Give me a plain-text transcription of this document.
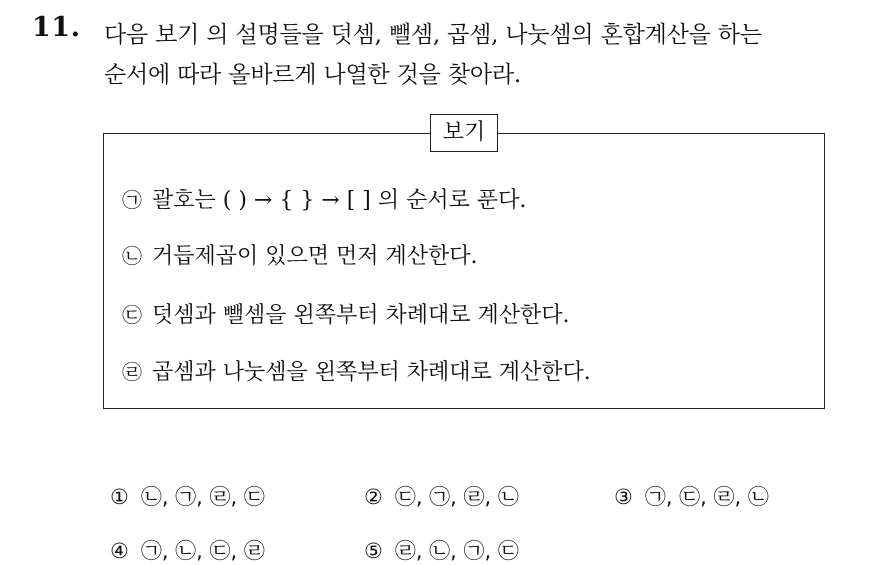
11. 다음 보기 의 설명들을 덧셈, 뺄셈, 곱셈, 나눗셈의 혼합계산을 하는
순서에 따라 올바르게 나열한 것을 찾아라.
보기
㉠ 괄호는 ( ) → { } → [ ] 의 순서로 푼다.
㉡ 거듭제곱이 있으면 먼저 계산한다.
㉢ 덧셈과 뺄셈을 왼쪽부터 차례대로 계산한다.
㉣ 곱셈과 나눗셈을 왼쪽부터 차례대로 계산한다.
① ㉡, ㉠, ㉣, ㉢	② ㉢, ㉠, ㉣, ㉡	③ ㉠, ㉢, ㉣, ㉡
④ ㉠, ㉡, ㉢, ㉣	⑤ ㉣, ㉡, ㉠, ㉢
